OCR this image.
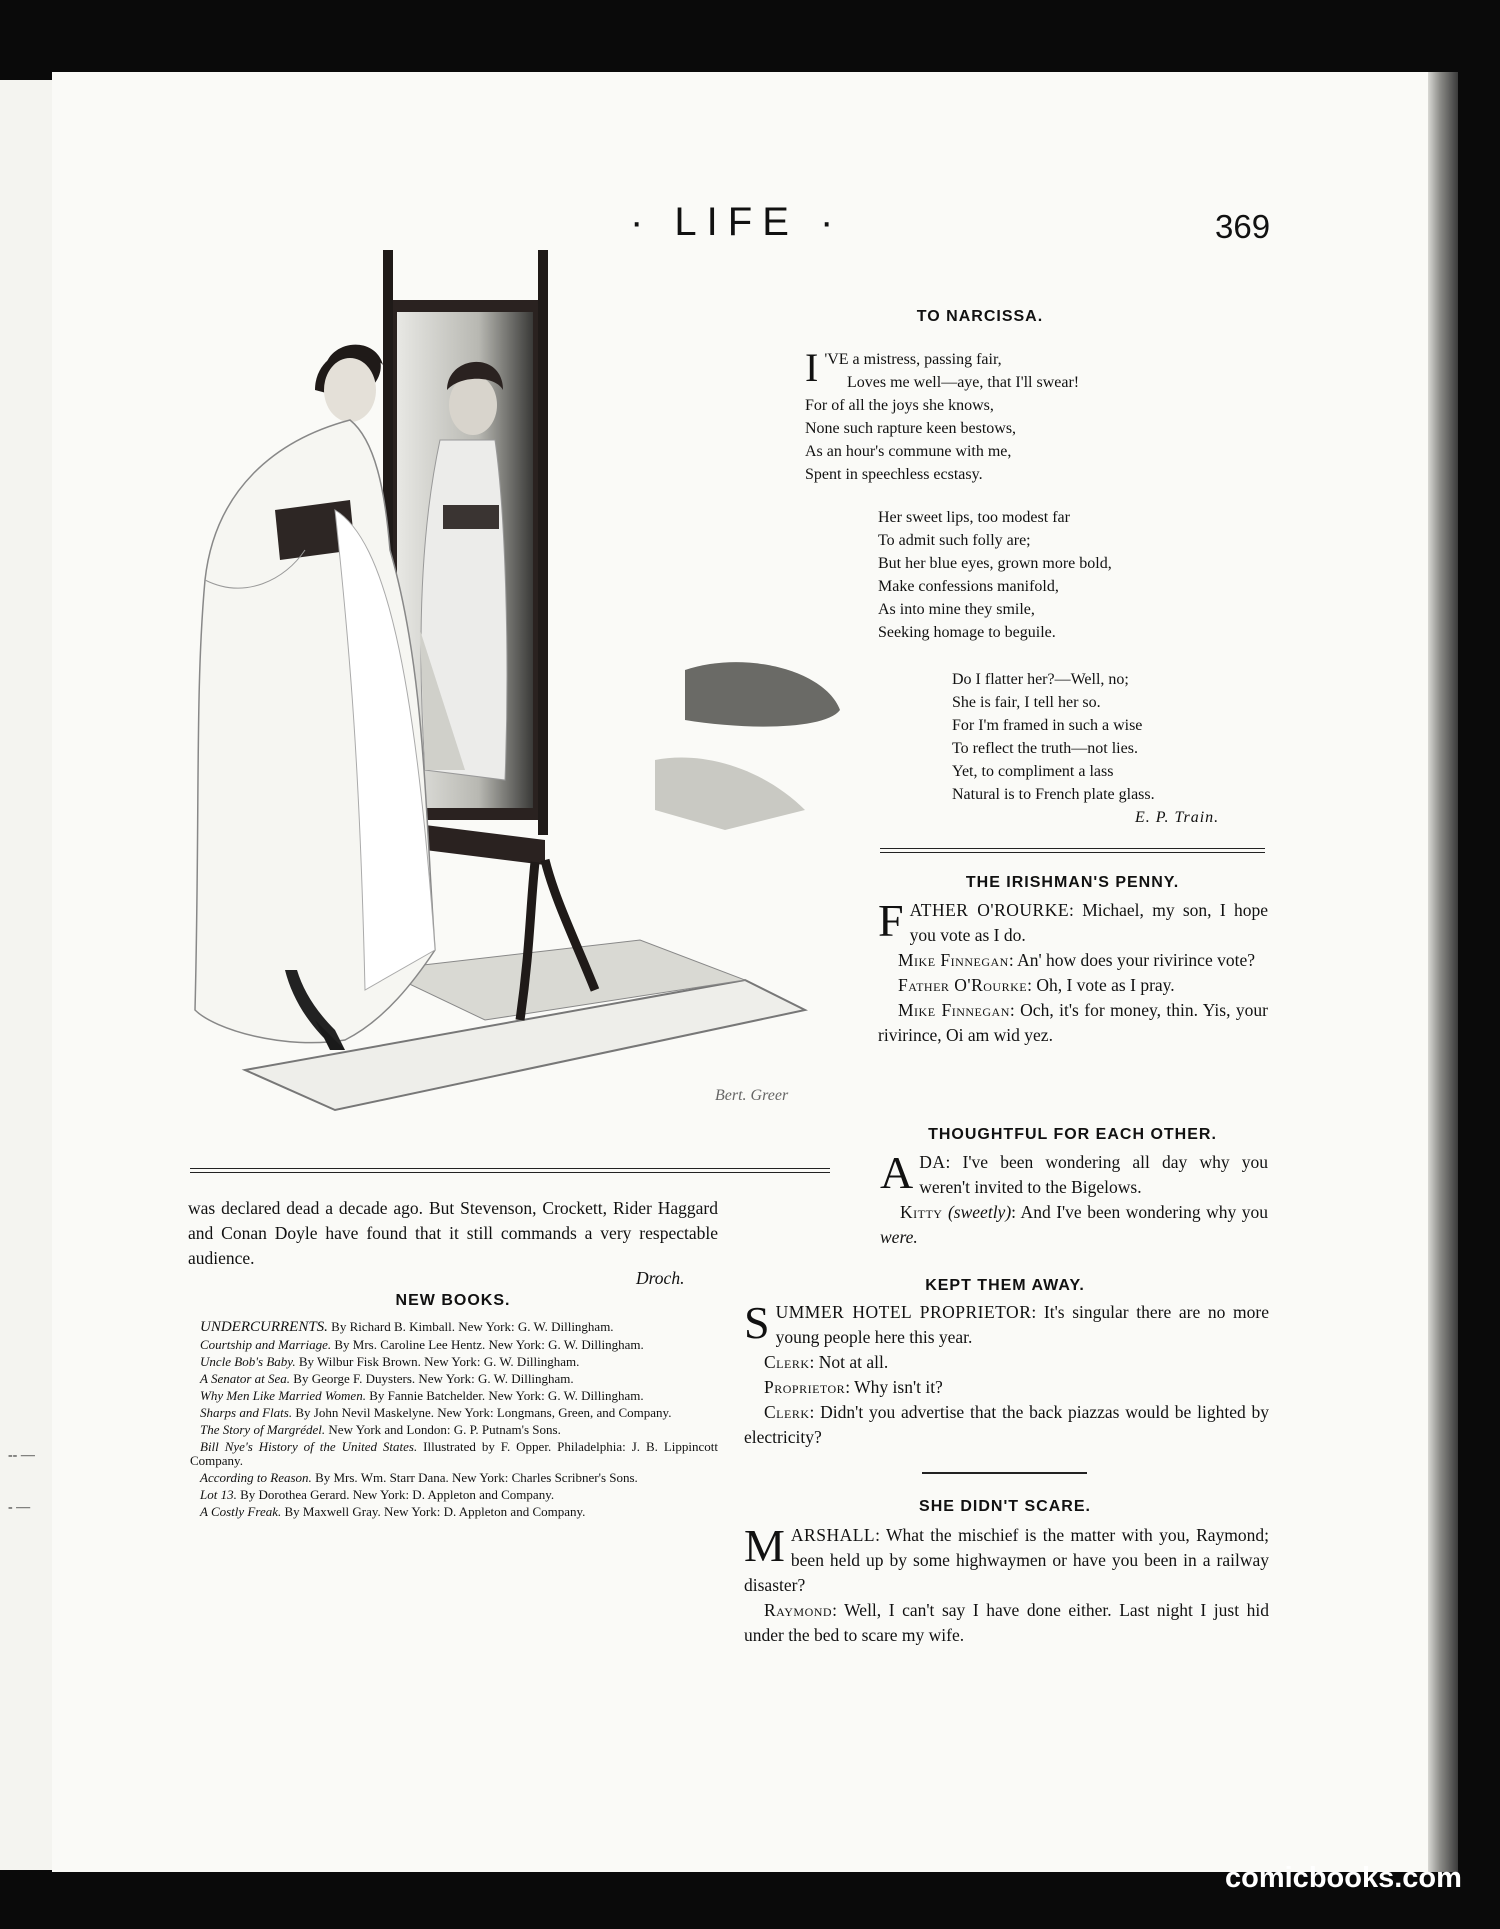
-- —
- —
· LIFE ·	369
Bert. Greer
TO NARCISSA.
I 'VE a mistress, passing fair,
Loves me well—aye, that I'll swear!
For of all the joys she knows,
None such rapture keen bestows,
As an hour's commune with me,
Spent in speechless ecstasy.
Her sweet lips, too modest far
To admit such folly are;
But her blue eyes, grown more bold,
Make confessions manifold,
As into mine they smile,
Seeking homage to beguile.
Do I flatter her?—Well, no;
She is fair, I tell her so.
For I'm framed in such a wise
To reflect the truth—not lies.
Yet, to compliment a lass
Natural is to French plate glass.
E. P. Train.
THE IRISHMAN'S PENNY.
FATHER O'ROURKE: Michael, my son, I hope you vote as I do.
Mike Finnegan: An' how does your rivirince vote?
Father O'Rourke: Oh, I vote as I pray.
Mike Finnegan: Och, it's for money, thin. Yis, your rivirince, Oi am wid yez.
THOUGHTFUL FOR EACH OTHER.
ADA: I've been wondering all day why you weren't invited to the Bigelows.
Kitty (sweetly): And I've been wondering why you were.
was declared dead a decade ago. But Stevenson, Crockett, Rider Haggard and Conan Doyle have found that it still commands a very respectable audience.
Droch.
NEW BOOKS.

UNDERCURRENTS. By Richard B. Kimball. New York: G. W. Dillingham.

Courtship and Marriage. By Mrs. Caroline Lee Hentz. New York: G. W. Dillingham.

Uncle Bob's Baby. By Wilbur Fisk Brown. New York: G. W. Dillingham.

A Senator at Sea. By George F. Duysters. New York: G. W. Dillingham.

Why Men Like Married Women. By Fannie Batchelder. New York: G. W. Dillingham.

Sharps and Flats. By John Nevil Maskelyne. New York: Longmans, Green, and Company.

The Story of Margrédel. New York and London: G. P. Putnam's Sons.

Bill Nye's History of the United States. Illustrated by F. Opper. Philadelphia: J. B. Lippincott Company.

According to Reason. By Mrs. Wm. Starr Dana. New York: Charles Scribner's Sons.

Lot 13. By Dorothea Gerard. New York: D. Appleton and Company.

A Costly Freak. By Maxwell Gray. New York: D. Appleton and Company.

KEPT THEM AWAY.
SUMMER HOTEL PROPRIETOR: It's singular there are no more young people here this year.
Clerk: Not at all.
Proprietor: Why isn't it?
Clerk: Didn't you advertise that the back piazzas would be lighted by electricity?
SHE DIDN'T SCARE.
MARSHALL: What the mischief is the matter with you, Raymond; been held up by some highwaymen or have you been in a railway disaster?
Raymond: Well, I can't say I have done either. Last night I just hid under the bed to scare my wife.
comicbooks.com
